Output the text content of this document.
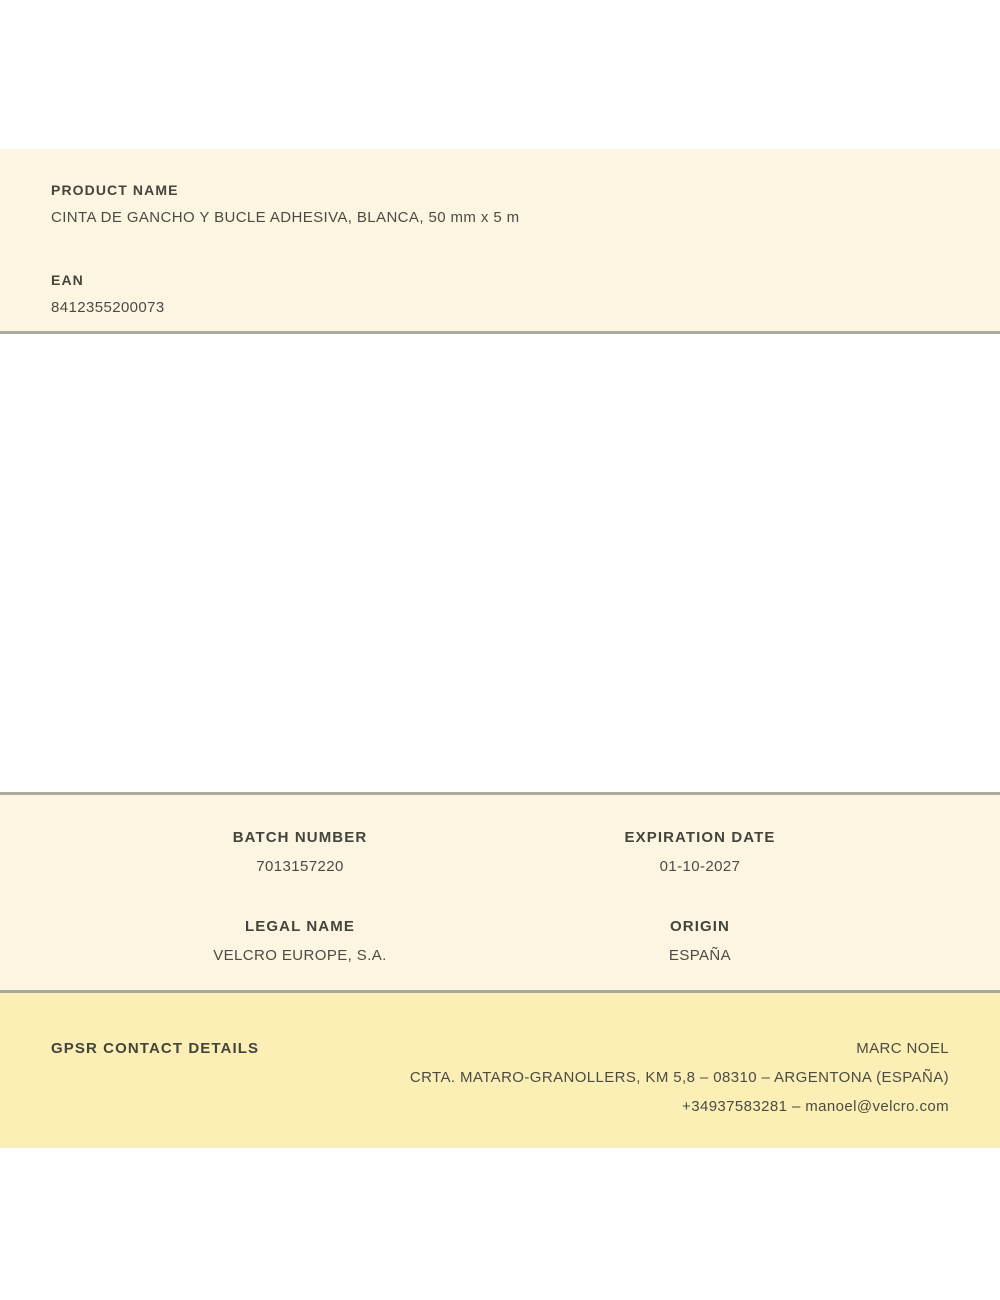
PRODUCT NAME
CINTA DE GANCHO Y BUCLE ADHESIVA, BLANCA, 50 mm x 5 m
EAN
8412355200073
BATCH NUMBER
7013157220
EXPIRATION DATE
01-10-2027
LEGAL NAME
VELCRO EUROPE, S.A.
ORIGIN
ESPAÑA
GPSR CONTACT DETAILS	MARC NOEL
CRTA. MATARO-GRANOLLERS, KM 5,8 – 08310 – ARGENTONA (ESPAÑA)
+34937583281 – manoel@velcro.com
